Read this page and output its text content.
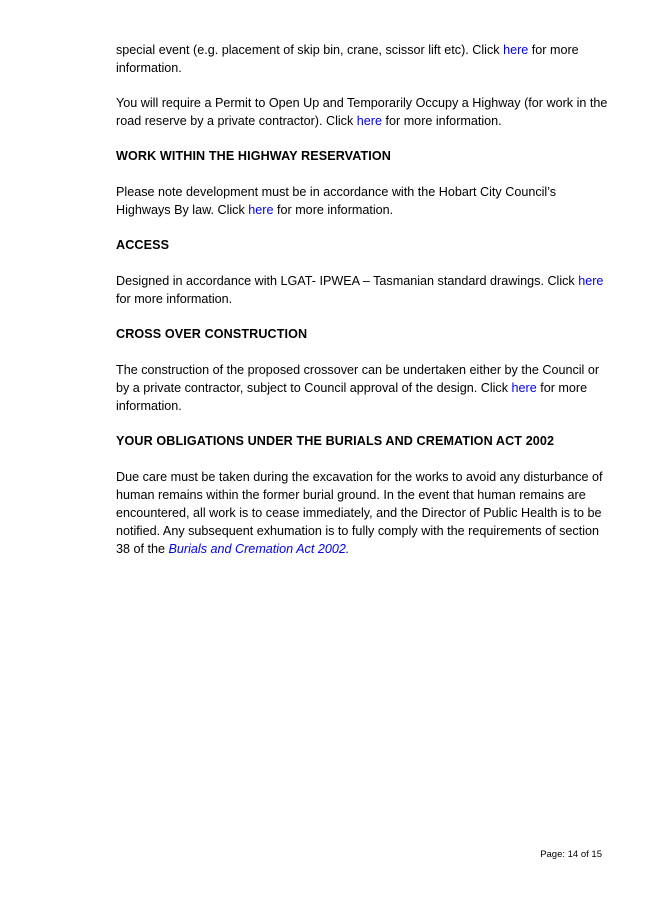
special event (e.g. placement of skip bin, crane, scissor lift etc). Click here for more information.

You will require a Permit to Open Up and Temporarily Occupy a Highway (for work in the road reserve by a private contractor). Click here for more information.

WORK WITHIN THE HIGHWAY RESERVATION

Please note development must be in accordance with the Hobart City Council’s Highways By law. Click here for more information.

ACCESS

Designed in accordance with LGAT- IPWEA – Tasmanian standard drawings. Click here for more information.

CROSS OVER CONSTRUCTION

The construction of the proposed crossover can be undertaken either by the Council or by a private contractor, subject to Council approval of the design. Click here for more information.

YOUR OBLIGATIONS UNDER THE BURIALS AND CREMATION ACT 2002

Due care must be taken during the excavation for the works to avoid any disturbance of human remains within the former burial ground. In the event that human remains are encountered, all work is to cease immediately, and the Director of Public Health is to be notified. Any subsequent exhumation is to fully comply with the requirements of section 38 of the Burials and Cremation Act 2002.

Page: 14 of 15
